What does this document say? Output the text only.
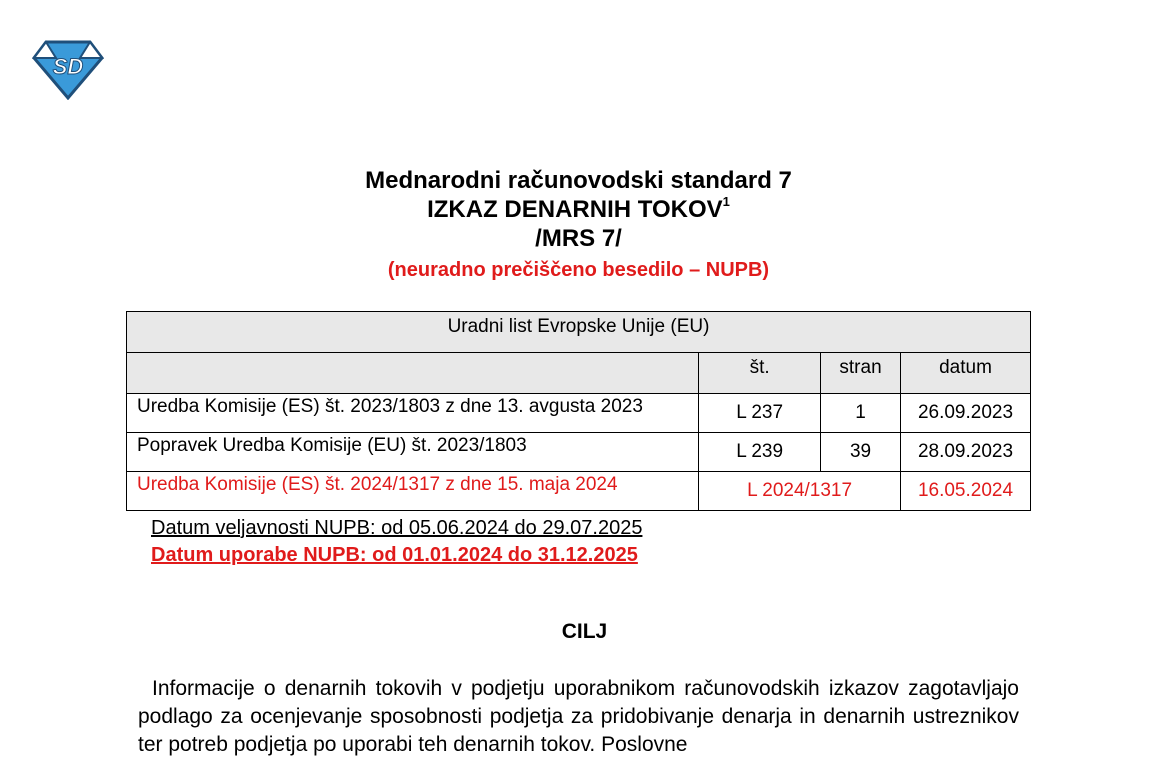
SD
Mednarodni računovodski standard 7
IZKAZ DENARNIH TOKOV$^1$
/MRS 7/
(neuradno prečiščeno besedilo – NUPB)
Uradni list Evropske Unije (EU)			
	št.	stran	datum
Uredba Komisije (ES) št. 2023/1803 z dne 13. avgusta 2023	L 237	1	26.09.2023
Popravek Uredba Komisije (EU) št. 2023/1803	L 239	39	28.09.2023
Uredba Komisije (ES) št. 2024/1317 z dne 15. maja 2024	L 2024/1317		16.05.2024
Datum veljavnosti NUPB: od 05.06.2024 do 29.07.2025
Datum uporabe NUPB: od 01.01.2024 do 31.12.2025
CILJ
Informacije o denarnih tokovih v podjetju uporabnikom računovodskih izkazov zagotavljajo podlago za ocenjevanje sposobnosti podjetja za pridobivanje denarja in denarnih ustreznikov ter potreb podjetja po uporabi teh denarnih tokov. Poslovne
